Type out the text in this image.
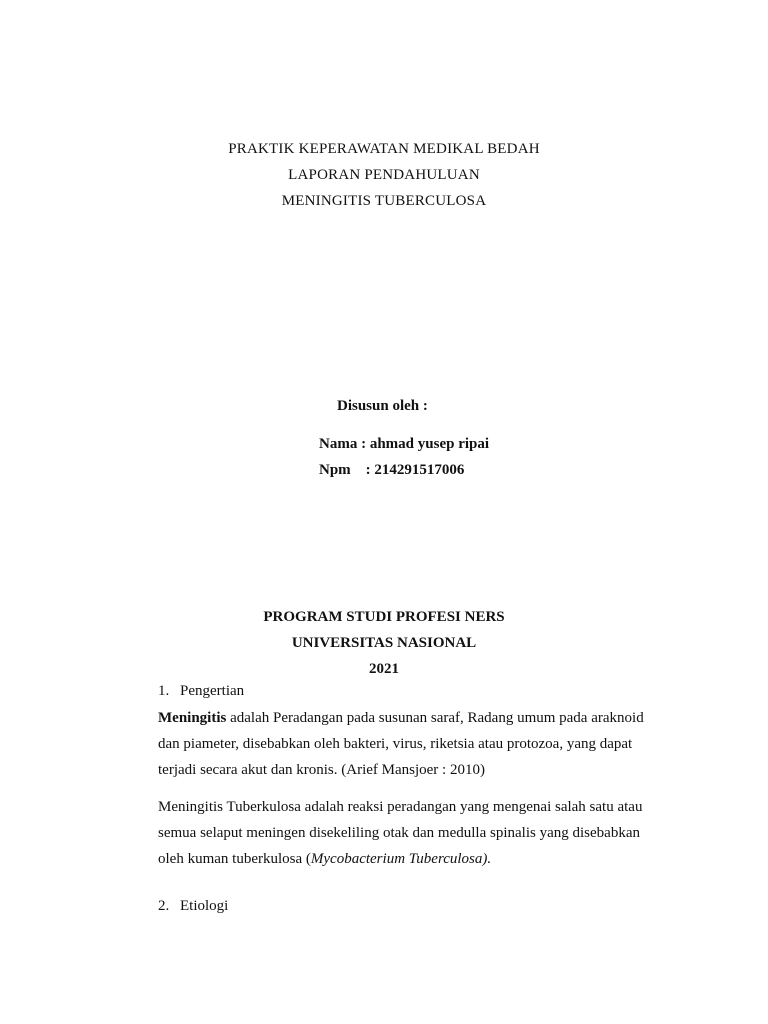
PRAKTIK KEPERAWATAN MEDIKAL BEDAH
LAPORAN PENDAHULUAN
MENINGITIS TUBERCULOSA
Disusun oleh :
Nama : ahmad yusep ripai
Npm    : 214291517006
PROGRAM STUDI PROFESI NERS
UNIVERSITAS NASIONAL
2021
1. Pengertian
Meningitis adalah Peradangan pada susunan saraf, Radang umum pada araknoid dan piameter, disebabkan oleh bakteri, virus, riketsia atau protozoa, yang dapat terjadi secara akut dan kronis. (Arief Mansjoer : 2010)
Meningitis Tuberkulosa adalah reaksi peradangan yang mengenai salah satu atau semua selaput meningen disekeliling otak dan medulla spinalis yang disebabkan oleh kuman tuberkulosa (Mycobacterium Tuberculosa).
2. Etiologi
